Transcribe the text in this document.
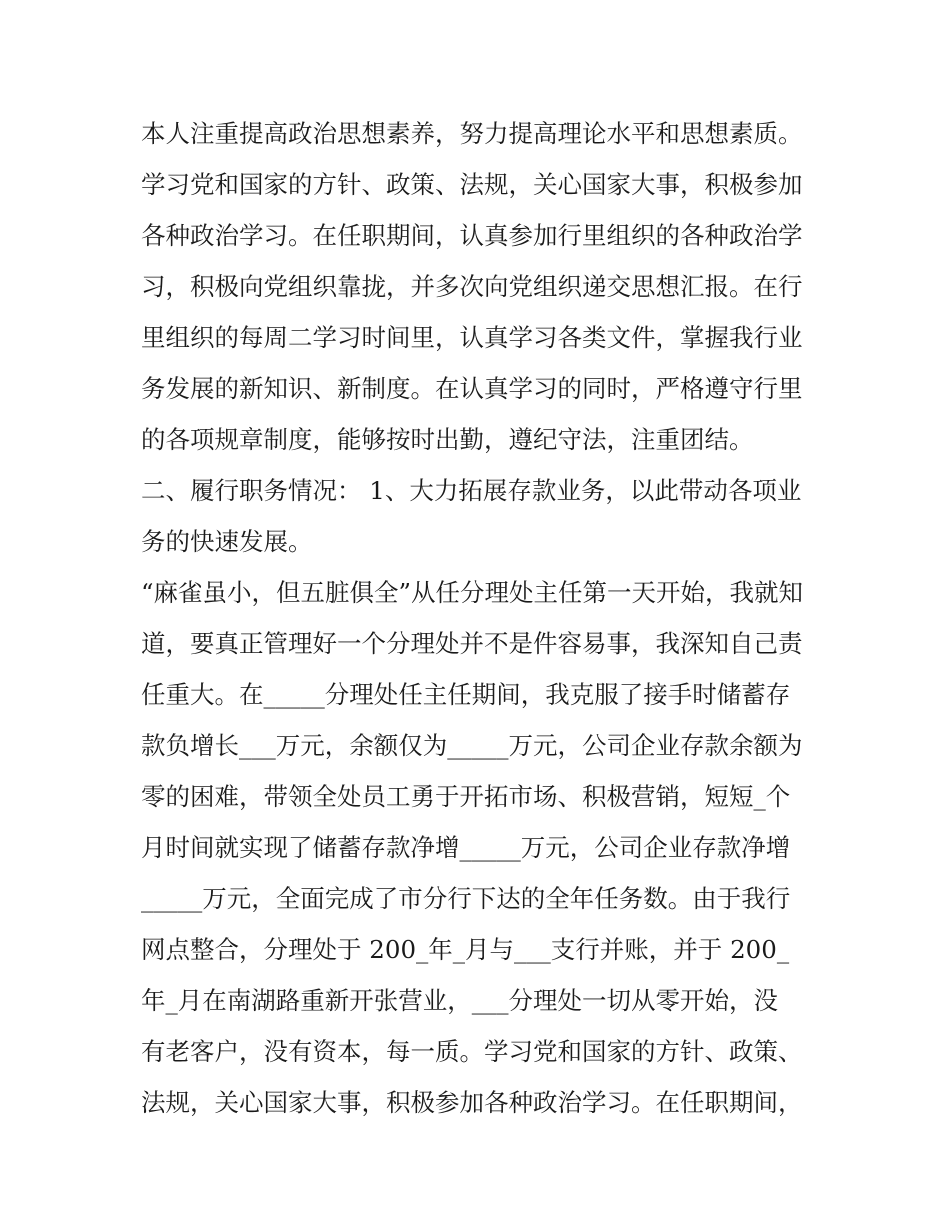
本人注重提高政治思想素养，努力提高理论水平和思想素质。
学习党和国家的方针、政策、法规，关心国家大事，积极参加
各种政治学习。在任职期间，认真参加行里组织的各种政治学
习，积极向党组织靠拢，并多次向党组织递交思想汇报。在行
里组织的每周二学习时间里，认真学习各类文件，掌握我行业
务发展的新知识、新制度。在认真学习的同时，严格遵守行里
的各项规章制度，能够按时出勤，遵纪守法，注重团结。
二、履行职务情况： 1、大力拓展存款业务，以此带动各项业
务的快速发展。
“麻雀虽小，但五脏俱全”从任分理处主任第一天开始，我就知
道，要真正管理好一个分理处并不是件容易事，我深知自己责
任重大。在_____分理处任主任期间，我克服了接手时储蓄存
款负增长___万元，余额仅为_____万元，公司企业存款余额为
零的困难，带领全处员工勇于开拓市场、积极营销，短短_个
月时间就实现了储蓄存款净增_____万元，公司企业存款净增
_____万元，全面完成了市分行下达的全年任务数。由于我行
网点整合，分理处于 200_年_月与___支行并账，并于 200_
年_月在南湖路重新开张营业，___分理处一切从零开始，没
有老客户，没有资本，每一质。学习党和国家的方针、政策、
法规，关心国家大事，积极参加各种政治学习。在任职期间，
